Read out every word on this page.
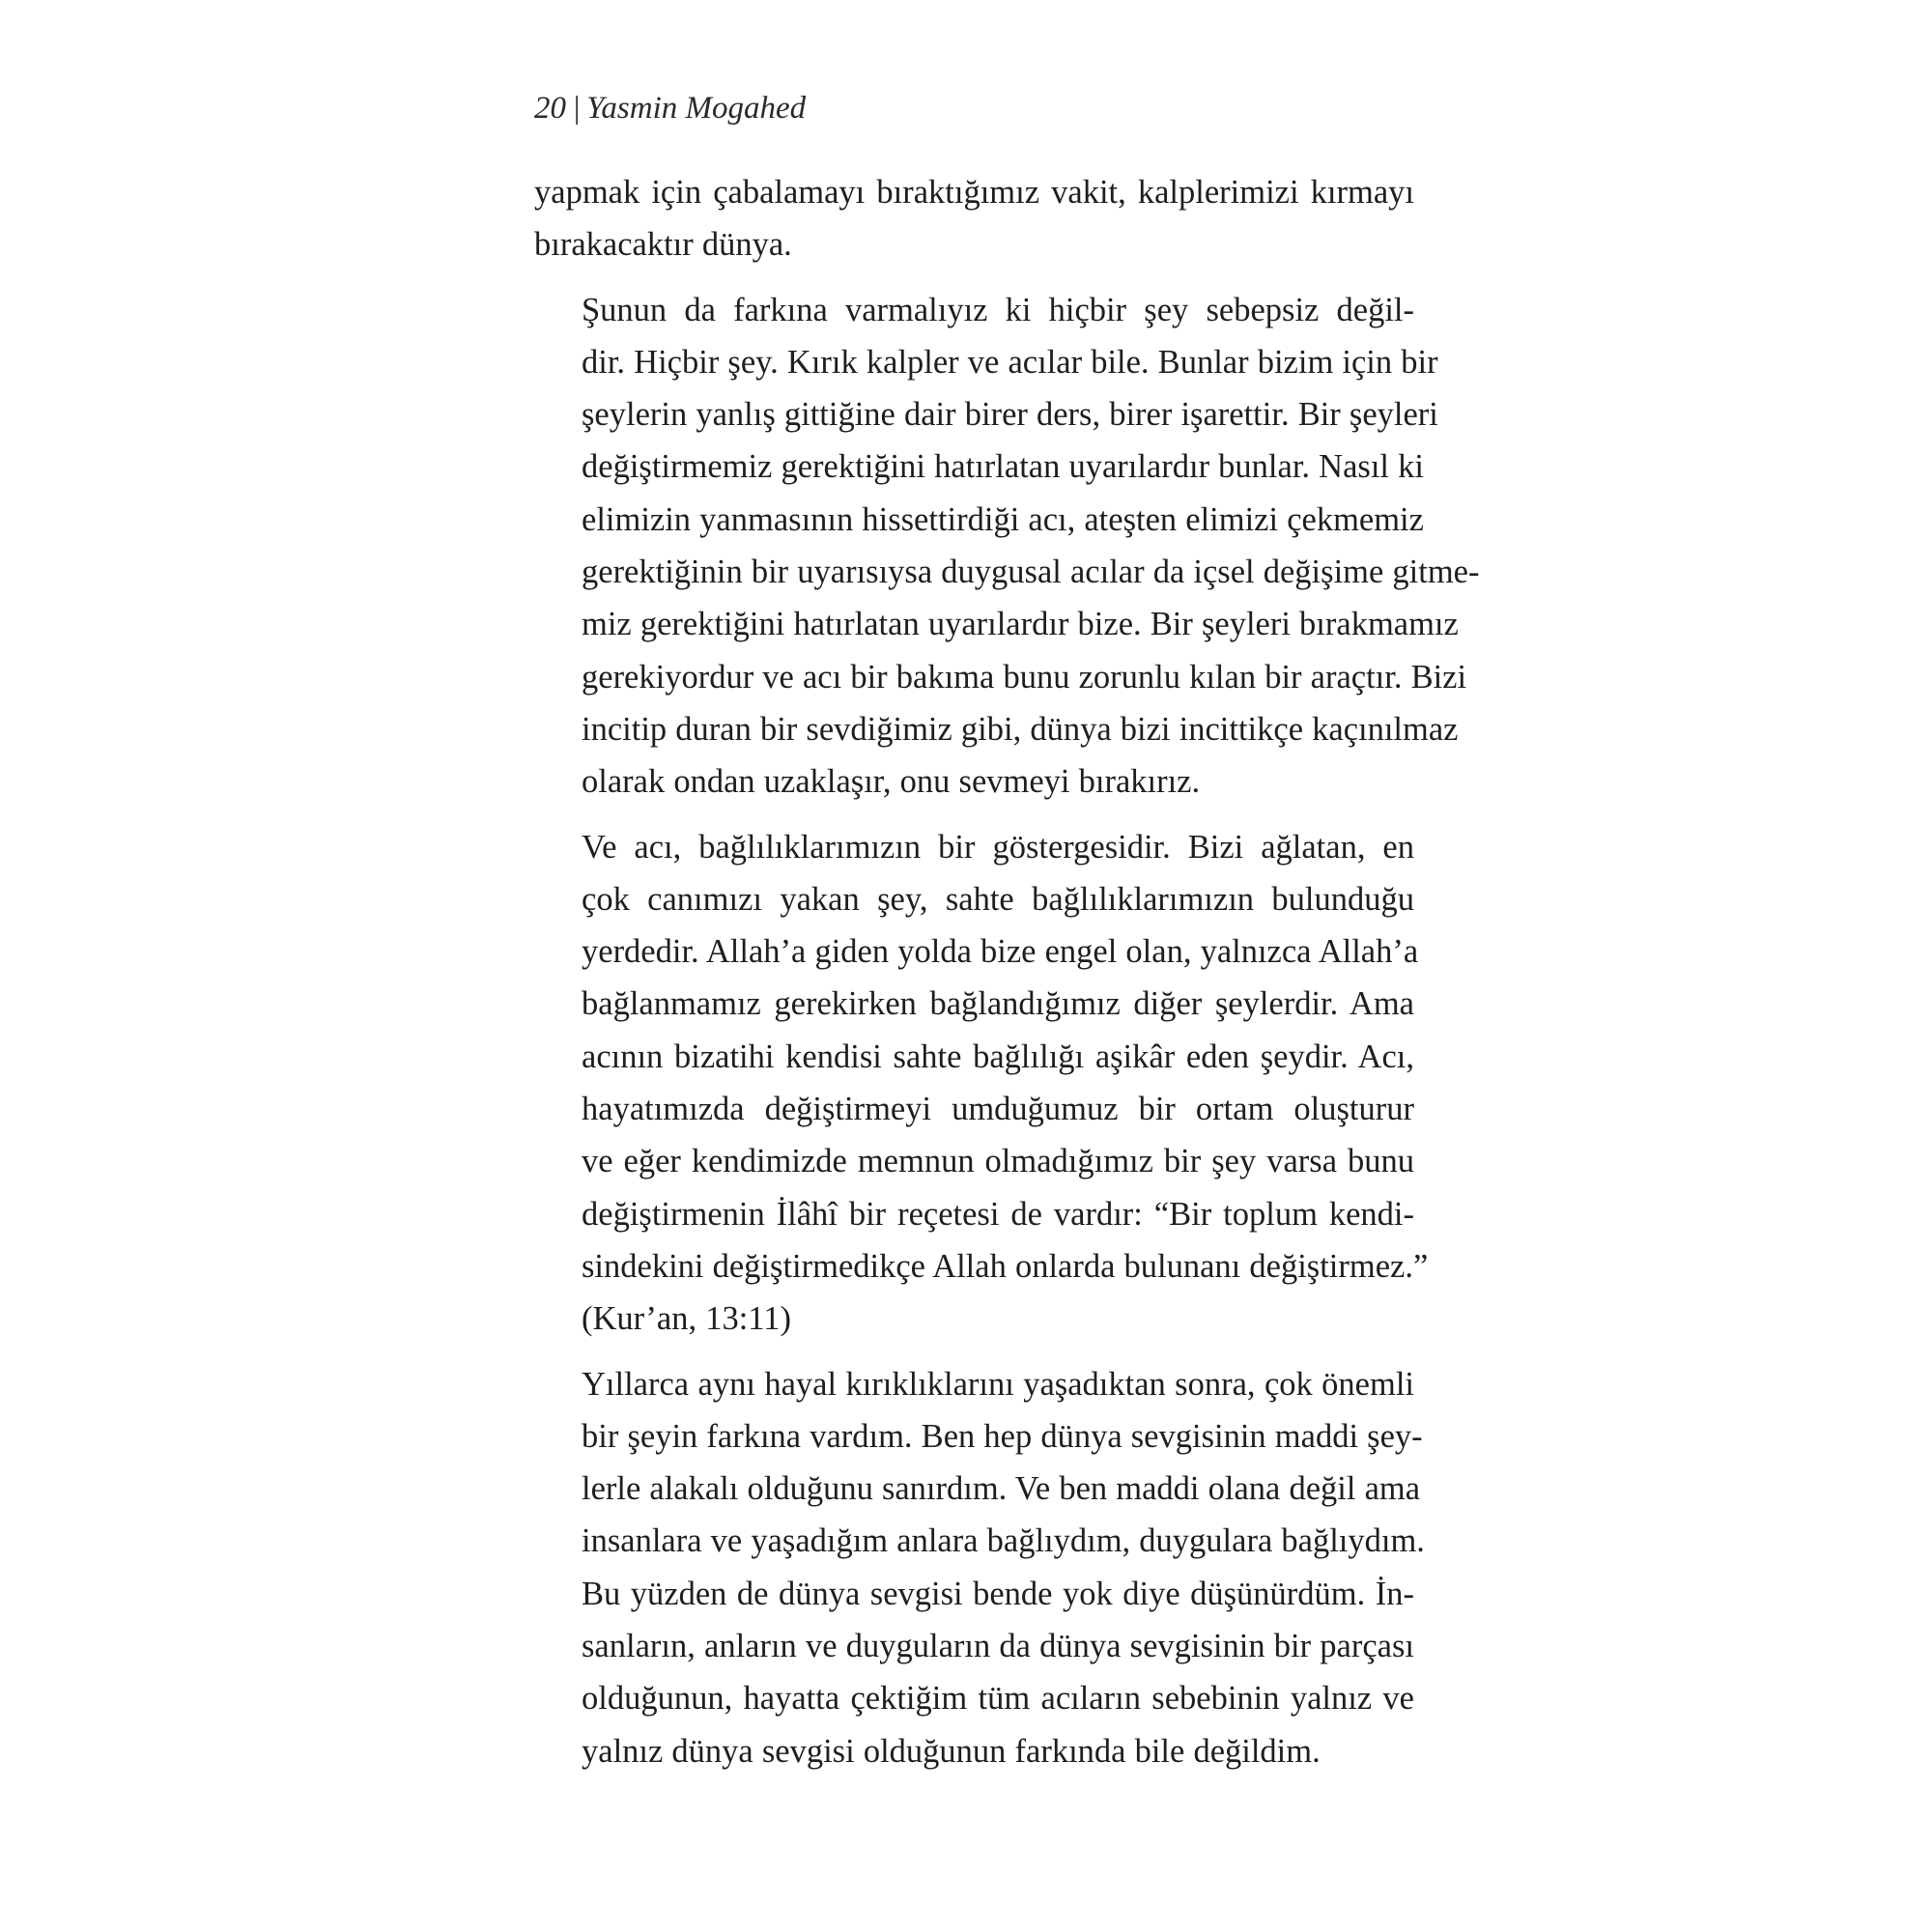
20 | Yasmin Mogahed

yapmak için çabalamayı bıraktığımız vakit, kalplerimizi kırmayı
bırakacaktır dünya.

Şunun da farkına varmalıyız ki hiçbir şey sebepsiz değil-
dir. Hiçbir şey. Kırık kalpler ve acılar bile. Bunlar bizim için bir
şeylerin yanlış gittiğine dair birer ders, birer işarettir. Bir şeyleri
değiştirmemiz gerektiğini hatırlatan uyarılardır bunlar. Nasıl ki
elimizin yanmasının hissettirdiği acı, ateşten elimizi çekmemiz
gerektiğinin bir uyarısıysa duygusal acılar da içsel değişime gitme-
miz gerektiğini hatırlatan uyarılardır bize. Bir şeyleri bırakmamız
gerekiyordur ve acı bir bakıma bunu zorunlu kılan bir araçtır. Bizi
incitip duran bir sevdiğimiz gibi, dünya bizi incittikçe kaçınılmaz
olarak ondan uzaklaşır, onu sevmeyi bırakırız.

Ve acı, bağlılıklarımızın bir göstergesidir. Bizi ağlatan, en
çok canımızı yakan şey, sahte bağlılıklarımızın bulunduğu
yerdedir. Allah’a giden yolda bize engel olan, yalnızca Allah’a
bağlanmamız gerekirken bağlandığımız diğer şeylerdir. Ama
acının bizatihi kendisi sahte bağlılığı aşikâr eden şeydir. Acı,
hayatımızda değiştirmeyi umduğumuz bir ortam oluşturur
ve eğer kendimizde memnun olmadığımız bir şey varsa bunu
değiştirmenin İlâhî bir reçetesi de vardır: “Bir toplum kendi-
sindekini değiştirmedikçe Allah onlarda bulunanı değiştirmez.”
(Kur’an, 13:11)

Yıllarca aynı hayal kırıklıklarını yaşadıktan sonra, çok önemli
bir şeyin farkına vardım. Ben hep dünya sevgisinin maddi şey-
lerle alakalı olduğunu sanırdım. Ve ben maddi olana değil ama
insanlara ve yaşadığım anlara bağlıydım, duygulara bağlıydım.
Bu yüzden de dünya sevgisi bende yok diye düşünürdüm. İn-
sanların, anların ve duyguların da dünya sevgisinin bir parçası
olduğunun, hayatta çektiğim tüm acıların sebebinin yalnız ve
yalnız dünya sevgisi olduğunun farkında bile değildim.
